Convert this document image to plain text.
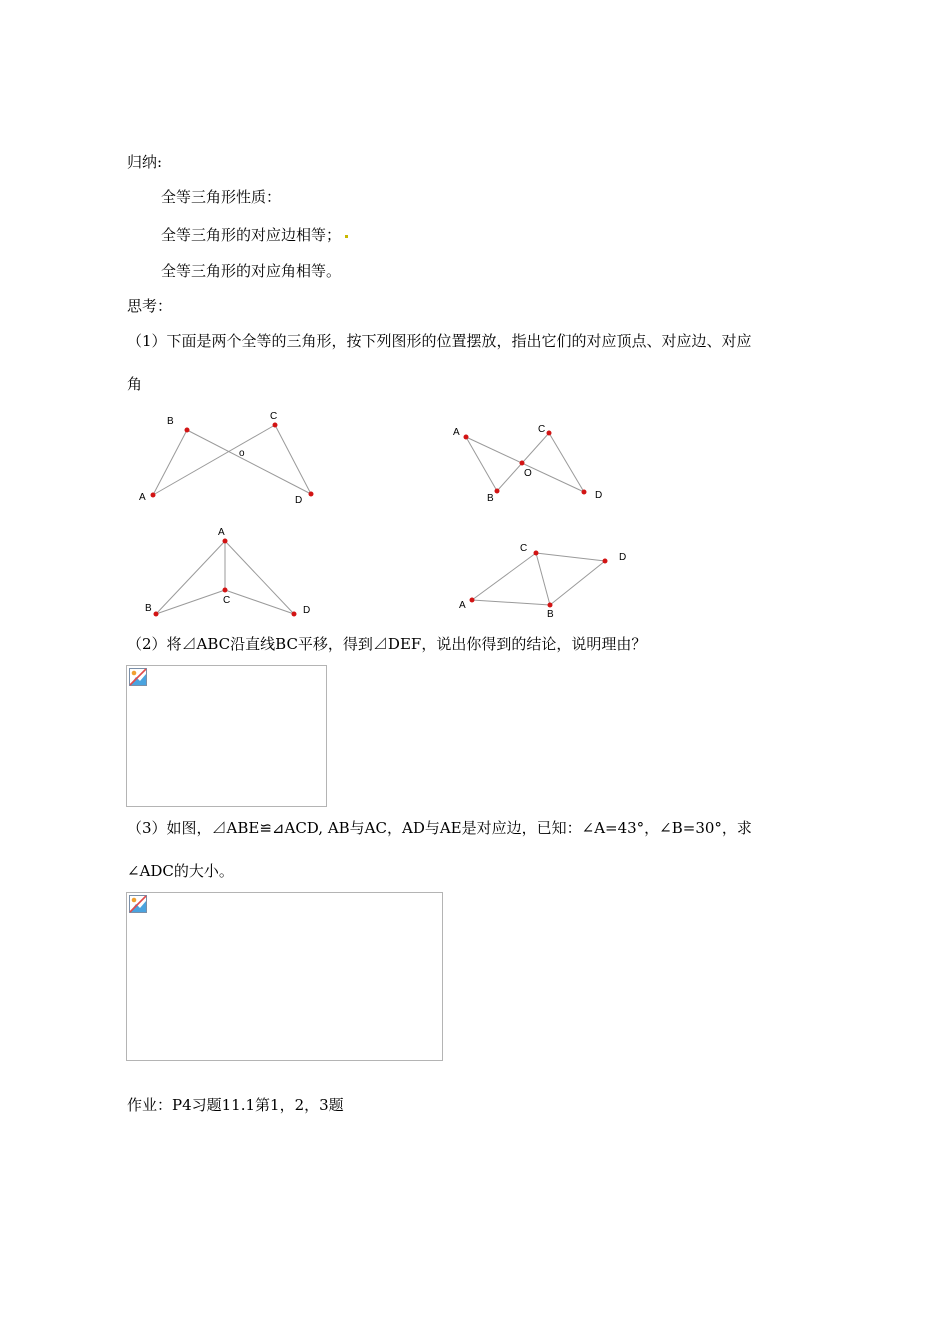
归纳:
全等三角形性质：
全等三角形的对应边相等；
全等三角形的对应角相等。
思考：
（1）下面是两个全等的三角形，按下列图形的位置摆放，指出它们的对应顶点、对应边、对应
角
B	C
A	D
o
A	C
B	D
O
A
B
C
D
C
D
A
B
（2）将⊿ABC沿直线BC平移，得到⊿DEF，说出你得到的结论，说明理由？
（3）如图，⊿ABE≌⊿ACD, AB与AC，AD与AE是对应边，已知：∠A=43°，∠B=30°，求
∠ADC的大小。
作业：P4习题11.1第1，2，3题
